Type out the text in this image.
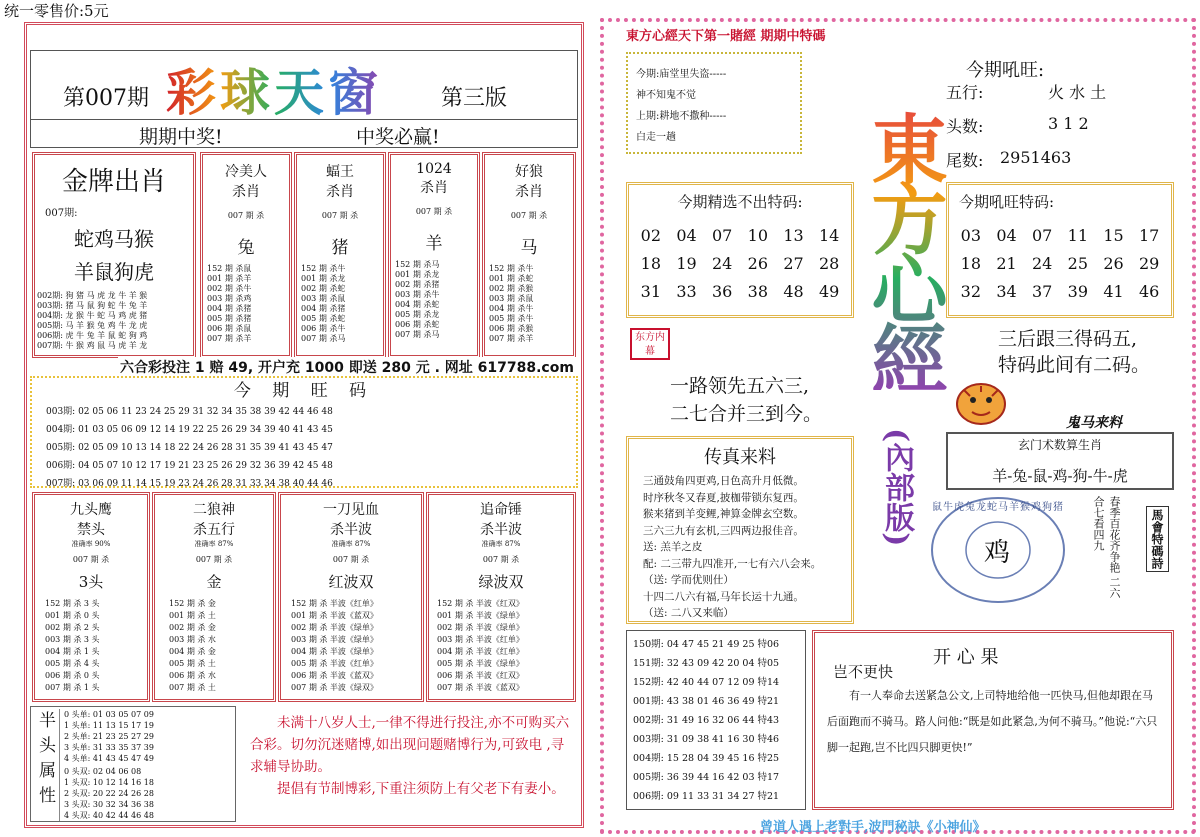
统一零售价:5元
第007期 彩球天窗	第三版
期期中奖!	中奖必赢!
金牌出肖
007期:
蛇鸡马猴
羊鼠狗虎
002期: 狗 猪 马 虎 龙 牛 羊 猴
003期: 猪 马 鼠 狗 蛇 牛 兔 羊
004期: 龙 猴 牛 蛇 马 鸡 虎 猪
005期: 马 羊 猴 兔 鸡 牛 龙 虎
006期: 虎 牛 兔 羊 鼠 蛇 狗 鸡
007期: 牛 猴 鸡 鼠 马 虎 羊 龙
冷美人
杀肖
007 期 杀
兔
152 期 杀鼠
001 期 杀羊
002 期 杀牛
003 期 杀鸡
004 期 杀猪
005 期 杀猪
006 期 杀鼠
007 期 杀羊
蝠王
杀肖
007 期 杀
猪
152 期 杀牛
001 期 杀龙
002 期 杀蛇
003 期 杀鼠
004 期 杀猪
005 期 杀蛇
006 期 杀牛
007 期 杀马
1024
杀肖
007 期 杀
羊
152 期 杀马
001 期 杀龙
002 期 杀猪
003 期 杀牛
004 期 杀蛇
005 期 杀龙
006 期 杀蛇
007 期 杀马
好狼
杀肖
007 期 杀
马
152 期 杀牛
001 期 杀蛇
002 期 杀猴
003 期 杀鼠
004 期 杀牛
005 期 杀牛
006 期 杀猴
007 期 杀羊
六合彩投注 1 赔 49, 开户充 1000 即送 280 元 . 网址 617788.com
今 期 旺 码
003期: 02 05 06 11 23 24 25 29 31 32 34 35 38 39 42 44 46 48
004期: 01 03 05 06 09 12 14 19 22 25 26 29 34 39 40 41 43 45
005期: 02 05 09 10 13 14 18 22 24 26 28 31 35 39 41 43 45 47
006期: 04 05 07 10 12 17 19 21 23 25 26 29 32 36 39 42 45 48
007期: 03 06 09 11 14 15 19 23 24 26 28 31 33 34 38 40 44 46
九头鹰
禁头
准确率 90%
007 期 杀
3头
152 期 杀 3 头
001 期 杀 0 头
002 期 杀 2 头
003 期 杀 3 头
004 期 杀 1 头
005 期 杀 4 头
006 期 杀 0 头
007 期 杀 1 头
二狼神
杀五行
准确率 87%
007 期 杀
金
152 期 杀 金
001 期 杀 土
002 期 杀 金
003 期 杀 水
004 期 杀 金
005 期 杀 土
006 期 杀 水
007 期 杀 土
一刀见血
杀半波
准确率 87%
007 期 杀
红波双
152 期 杀 半波《红单》
001 期 杀 半波《蓝双》
002 期 杀 半波《绿单》
003 期 杀 半波《绿单》
004 期 杀 半波《绿单》
005 期 杀 半波《红单》
006 期 杀 半波《蓝双》
007 期 杀 半波《绿双》
追命锤
杀半波
准确率 87%
007 期 杀
绿波双
152 期 杀 半波《红双》
001 期 杀 半波《绿单》
002 期 杀 半波《绿单》
003 期 杀 半波《红单》
004 期 杀 半波《红单》
005 期 杀 半波《绿单》
006 期 杀 半波《红双》
007 期 杀 半波《蓝双》
半头属性	0 头单: 01 03 05 07 09
1 头单: 11 13 15 17 19
2 头单: 21 23 25 27 29
3 头单: 31 33 35 37 39
4 头单: 41 43 45 47 49
0 头双: 02 04 06 08
1 头双: 10 12 14 16 18
2 头双: 20 22 24 26 28
3 头双: 30 32 34 36 38
4 头双: 40 42 44 46 48
未满十八岁人士,一律不得进行投注,亦不可购买六合彩。切勿沉迷赌博,如出现问题赌博行为,可致电 ,寻求辅导协助。
提倡有节制博彩,下重注须防上有父老下有妻小。
東方心經天下第一賭經 期期中特碼
今期:庙堂里失盗-----
神不知鬼不觉
上期:耕地不撒种-----
白走一趟	東方心經
(內部版)
今期吼旺:
五行:	火 水 土
头数:	3 1 2
尾数: 2951463
今期精选不出特码:
02 04 07 10 13 14
18 19 24 26 27 28
31 33 36 38 48 49
今期吼旺特码:
03 04 07 11 15 17
18 21 24 25 26 29
32 34 37 39 41 46
东方内幕
一路领先五六三,
二七合并三到今。
三后跟三得码五,
特码此间有二码。
鬼马来料
玄门术数算生肖
羊-兔-鼠-鸡-狗-牛-虎
传真来料
三通鼓角四更鸡,日色高升月低微。
时序秋冬又春夏,披枷带锁东复西。
猴来猪到羊变鲤,神算金牌玄空数。
三六三九有玄机,三四两边报佳音。
送: 羔羊之皮
配: 二三带九四准开,一七有六八会来。
（送: 学而优则仕）
十四二八六有福,马年长运十九通。
（送: 二八又来临）
鼠牛虎兔龙蛇马羊猴鸡狗猪
鸡	春季百花齐争艳 二六合七看四九	馬會特碼詩
150期: 04 47 45 21 49 25 特06
151期: 32 43 09 42 20 04 特05
152期: 42 40 44 07 12 09 特14
001期: 43 38 01 46 36 49 特21
002期: 31 49 16 32 06 44 特43
003期: 31 09 38 41 16 30 特46
004期: 15 28 04 39 45 16 特25
005期: 36 39 44 16 42 03 特17
006期: 09 11 33 31 34 27 特21
开 心 果
岂不更快
有一人奉命去送紧急公文,上司特地给他一匹快马,但他却跟在马后面跑而不骑马。路人问他:“既是如此紧急,为何不骑马。”他说:“六只脚一起跑,岂不比四只脚更快!”
曾道人遇上老對手,波門秘訣《小神仙》
